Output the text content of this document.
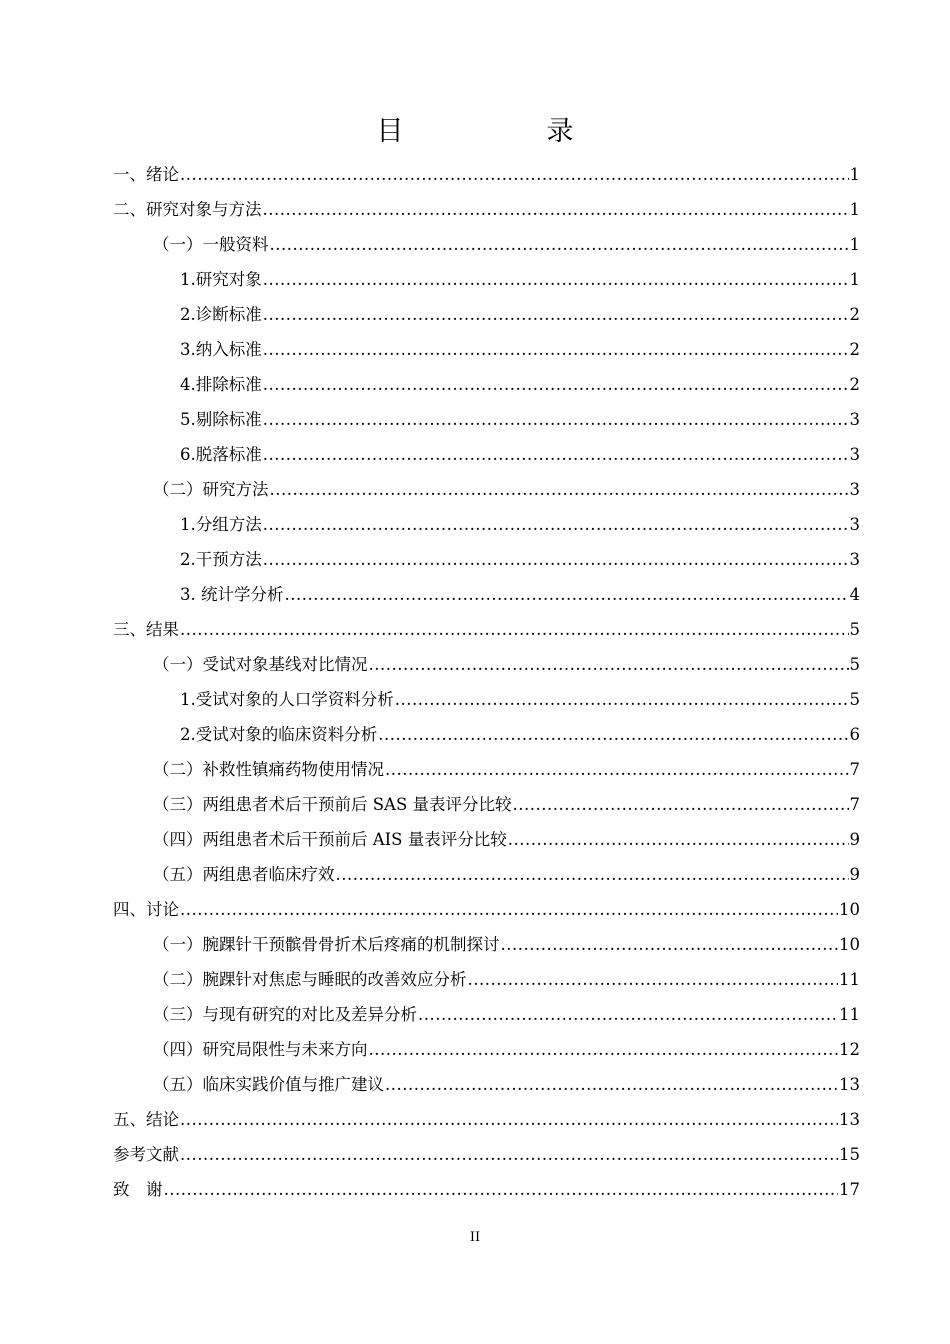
目　录
一、绪论 .....	1
二、研究对象与方法 .....	1
（一）一般资料 .....	1
1.研究对象 .....	1
2.诊断标准 .....	2
3.纳入标准 .....	2
4.排除标准 .....	2
5.剔除标准 .....	3
6.脱落标准 .....	3
（二）研究方法 .....	3
1.分组方法 .....	3
2.干预方法 .....	3
3. 统计学分析 .....	4
三、结果 .....	5
（一）受试对象基线对比情况 .....	5
1.受试对象的人口学资料分析 .....	5
2.受试对象的临床资料分析 .....	6
（二）补救性镇痛药物使用情况 .....	7
（三）两组患者术后干预前后 SAS 量表评分比较 .....	7
（四）两组患者术后干预前后 AIS 量表评分比较 .....	9
（五）两组患者临床疗效 .....	9
四、讨论 .....	10
（一）腕踝针干预髌骨骨折术后疼痛的机制探讨 .....	10
（二）腕踝针对焦虑与睡眠的改善效应分析 .....	11
（三）与现有研究的对比及差异分析 .....	11
（四）研究局限性与未来方向 .....	12
（五）临床实践价值与推广建议 .....	13
五、结论 .....	13
参考文献 .....	15
致　谢 .....	17
II
